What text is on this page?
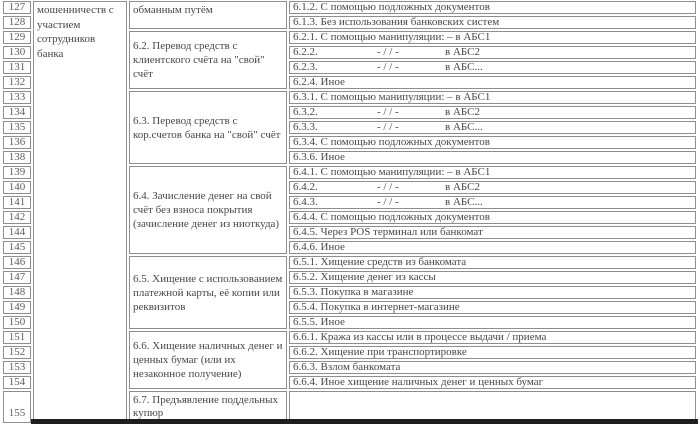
127	мошенничеств с участием сотрудников банка	обманным путём	6.1.2. С помощью подложных документов
128			6.1.3. Без использования банковских систем
129		6.2. Перевод средств с клиентского счёта на "свой" счёт	6.2.1. С помощью манипуляции: – в АБС1
130			6.2.2. - / / - в АБС2
131			6.2.3. - / / - в АБС...
132			6.2.4. Иное
133		6.3. Перевод средств с кор.счетов банка на "свой" счёт	6.3.1. С помощью манипуляции: – в АБС1
134			6.3.2. - / / - в АБС2
135			6.3.3. - / / - в АБС...
136			6.3.4. С помощью подложных документов
138			6.3.6. Иное
139		6.4. Зачисление денег на свой счёт без взноса покрытия (зачисление денег из ниоткуда)	6.4.1. С помощью манипуляции: – в АБС1
140			6.4.2. - / / - в АБС2
141			6.4.3. - / / - в АБС...
142			6.4.4. С помощью подложных документов
144			6.4.5. Через POS терминал или банкомат
145			6.4.6. Иное
146		6.5. Хищение с использованием платежной карты, её копии или реквизитов	6.5.1. Хищение средств из банкомата
147			6.5.2. Хищение денег из кассы
148			6.5.3. Покупка в магазине
149			6.5.4. Покупка в интернет-магазине
150			6.5.5. Иное
151		6.6. Хищение наличных денег и ценных бумаг (или их незаконное получение)	6.6.1. Кража из кассы или в процессе выдачи / приема
152			6.6.2. Хищение при транспортировке
153			6.6.3. Взлом банкомата
154			6.6.4. Иное хищение наличных денег и ценных бумаг
155		6.7. Предъявление поддельных купюр	
